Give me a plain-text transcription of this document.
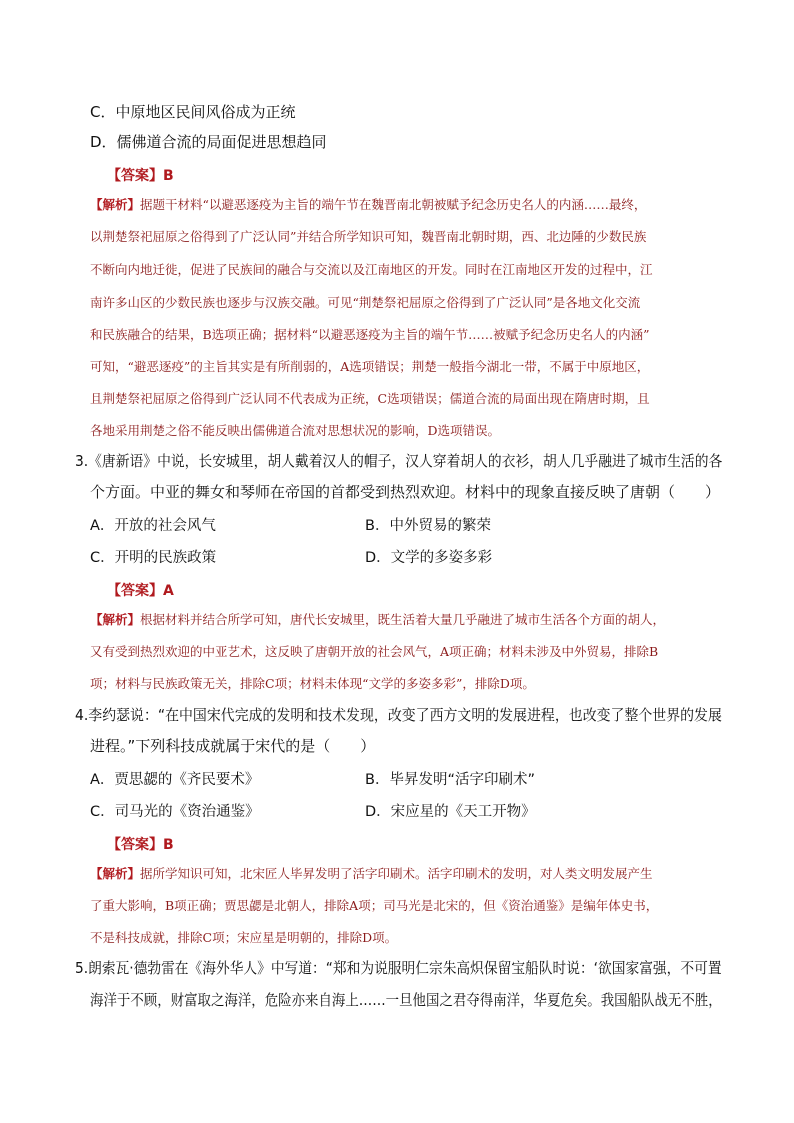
C．中原地区民间风俗成为正统
D．儒佛道合流的局面促进思想趋同
【答案】B
【解析】据题干材料“以避恶逐疫为主旨的端午节在魏晋南北朝被赋予纪念历史名人的内涵……最终，
以荆楚祭祀屈原之俗得到了广泛认同”并结合所学知识可知，魏晋南北朝时期，西、北边陲的少数民族
不断向内地迁徙，促进了民族间的融合与交流以及江南地区的开发。同时在江南地区开发的过程中，江
南许多山区的少数民族也逐步与汉族交融。可见“荆楚祭祀屈原之俗得到了广泛认同”是各地文化交流
和民族融合的结果，B选项正确；据材料“以避恶逐疫为主旨的端午节……被赋予纪念历史名人的内涵”
可知，“避恶逐疫”的主旨其实是有所削弱的，A选项错误；荆楚一般指今湖北一带，不属于中原地区，
且荆楚祭祀屈原之俗得到广泛认同不代表成为正统，C选项错误；儒道合流的局面出现在隋唐时期，且
各地采用荆楚之俗不能反映出儒佛道合流对思想状况的影响，D选项错误。
3.《唐新语》中说，长安城里，胡人戴着汉人的帽子，汉人穿着胡人的衣衫，胡人几乎融进了城市生活的各
个方面。中亚的舞女和琴师在帝国的首都受到热烈欢迎。材料中的现象直接反映了唐朝（　　）
A．开放的社会风气	B．中外贸易的繁荣
C．开明的民族政策	D．文学的多姿多彩
【答案】A
【解析】根据材料并结合所学可知，唐代长安城里，既生活着大量几乎融进了城市生活各个方面的胡人，
又有受到热烈欢迎的中亚艺术，这反映了唐朝开放的社会风气，A项正确；材料未涉及中外贸易，排除B
项；材料与民族政策无关，排除C项；材料未体现“文学的多姿多彩”，排除D项。
4.李约瑟说：“在中国宋代完成的发明和技术发现，改变了西方文明的发展进程，也改变了整个世界的发展
进程。”下列科技成就属于宋代的是（　　）
A．贾思勰的《齐民要术》	B．毕昇发明“活字印刷术”
C．司马光的《资治通鉴》	D．宋应星的《天工开物》
【答案】B
【解析】据所学知识可知，北宋匠人毕昇发明了活字印刷术。活字印刷术的发明，对人类文明发展产生
了重大影响，B项正确；贾思勰是北朝人，排除A项；司马光是北宋的，但《资治通鉴》是编年体史书，
不是科技成就，排除C项；宋应星是明朝的，排除D项。
5.朗索瓦·德勃雷在《海外华人》中写道：“郑和为说服明仁宗朱高炽保留宝船队时说：‘欲国家富强，不可置
海洋于不顾，财富取之海洋，危险亦来自海上……一旦他国之君夺得南洋，华夏危矣。我国船队战无不胜，
